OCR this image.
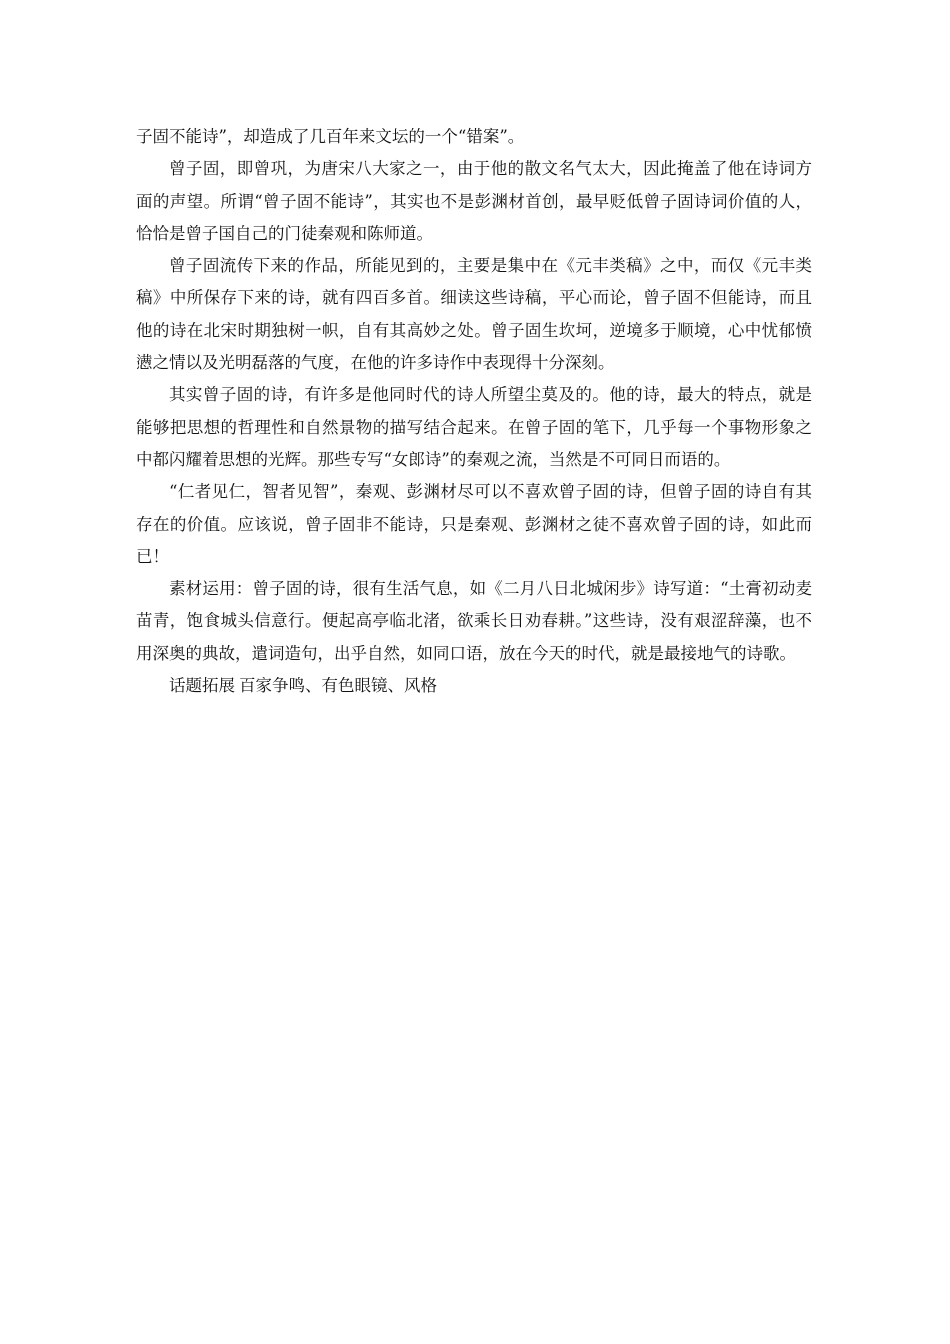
子固不能诗”，却造成了几百年来文坛的一个“错案”。

曾子固，即曾巩，为唐宋八大家之一，由于他的散文名气太大，因此掩盖了他在诗词方面的声望。所谓“曾子固不能诗”，其实也不是彭渊材首创，最早贬低曾子固诗词价值的人，恰恰是曾子国自己的门徒秦观和陈师道。

曾子固流传下来的作品，所能见到的，主要是集中在《元丰类稿》之中，而仅《元丰类稿》中所保存下来的诗，就有四百多首。细读这些诗稿，平心而论，曾子固不但能诗，而且他的诗在北宋时期独树一帜，自有其高妙之处。曾子固生坎坷，逆境多于顺境，心中忧郁愤懑之情以及光明磊落的气度，在他的许多诗作中表现得十分深刻。

其实曾子固的诗，有许多是他同时代的诗人所望尘莫及的。他的诗，最大的特点，就是能够把思想的哲理性和自然景物的描写结合起来。在曾子固的笔下，几乎每一个事物形象之中都闪耀着思想的光辉。那些专写“女郎诗”的秦观之流，当然是不可同日而语的。

“仁者见仁，智者见智”，秦观、彭渊材尽可以不喜欢曾子固的诗，但曾子固的诗自有其存在的价值。应该说，曾子固非不能诗，只是秦观、彭渊材之徒不喜欢曾子固的诗，如此而已！

素材运用：曾子固的诗，很有生活气息，如《二月八日北城闲步》诗写道：“土膏初动麦苗青，饱食城头信意行。便起高亭临北渚，欲乘长日劝春耕。”这些诗，没有艰涩辞藻，也不用深奥的典故，遣词造句，出乎自然，如同口语，放在今天的时代，就是最接地气的诗歌。

话题拓展 百家争鸣、有色眼镜、风格
